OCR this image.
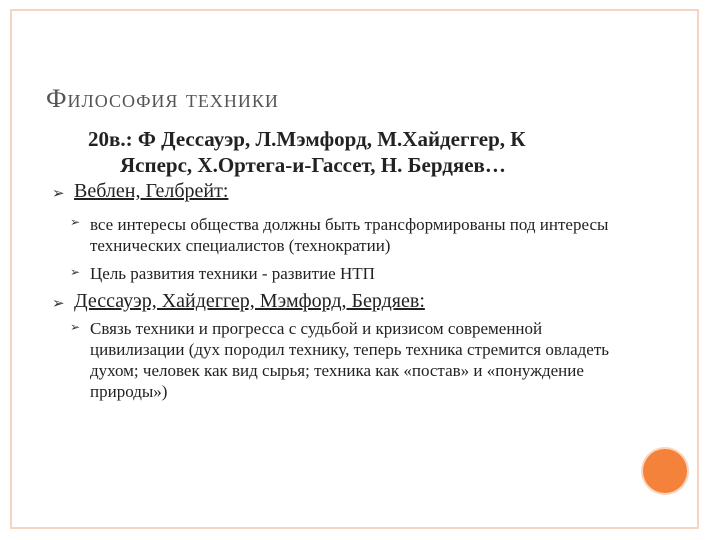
Философия техники
20в.: Ф Дессауэр, Л.Мэмфорд, М.Хайдеггер, К
Ясперс, Х.Ортега-и-Гассет, Н. Бердяев…
➢ Веблен, Гелбрейт:
➢ все интересы общества должны быть трансформированы под интересы технических специалистов (технократии)
➢ Цель развития техники - развитие НТП
➢ Дессауэр, Хайдеггер, Мэмфорд, Бердяев:
➢ Связь техники и прогресса с судьбой и кризисом современной цивилизации (дух породил технику, теперь техника стремится овладеть духом; человек как вид сырья; техника как «постав» и «понуждение природы»)
